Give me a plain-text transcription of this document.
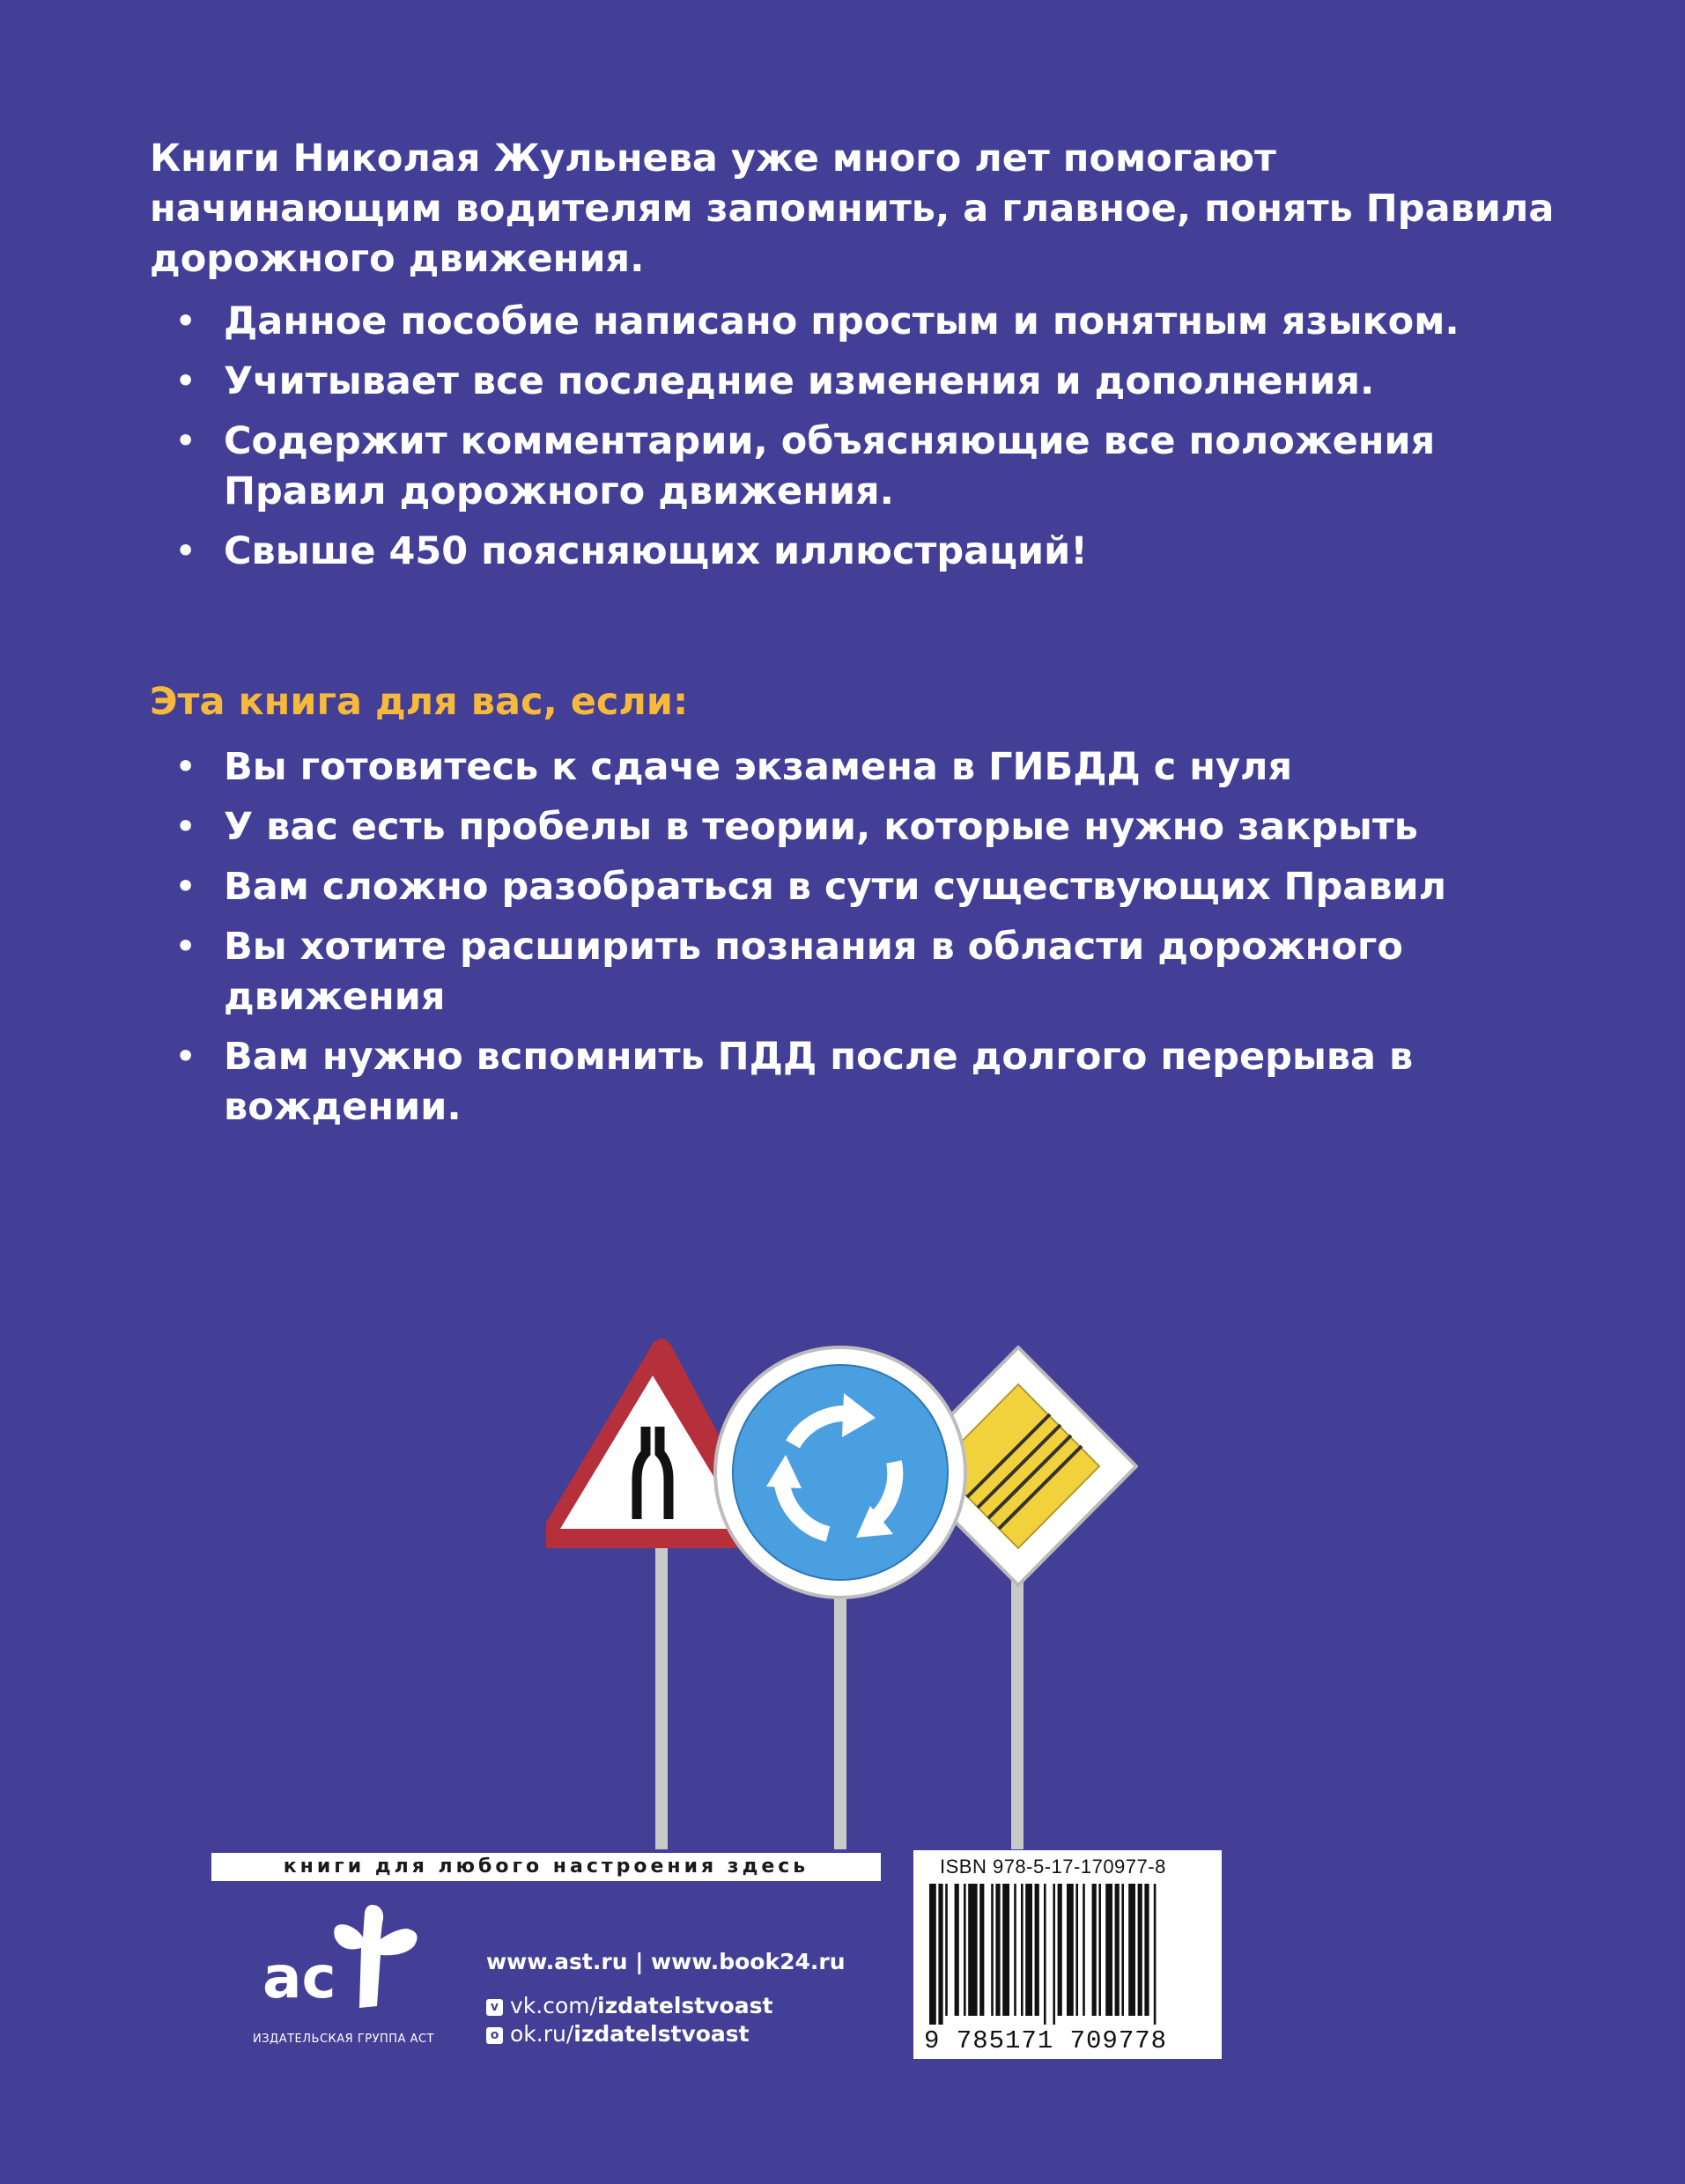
Книги Николая Жульнева уже много лет помогают начинающим водителям запомнить, а главное, понять Правила дорожного движения.

• Данное пособие написано простым и понятным языком.
• Учитывает все последние изменения и дополнения.
• Содержит комментарии, объясняющие все положения Правил дорожного движения.
• Свыше 450 поясняющих иллюстраций!
Эта книга для вас, если:
• Вы готовитесь к сдаче экзамена в ГИБДД с нуля
• У вас есть пробелы в теории, которые нужно закрыть
• Вам сложно разобраться в сути существующих Правил
• Вы хотите расширить познания в области дорожного движения
• Вам нужно вспомнить ПДД после долгого перерыва в вождении.
книги для любого настроения здесь
ac
ИЗДАТЕЛЬСКАЯ ГРУППА АСТ
www.ast.ru | www.book24.ru
v vk.com/izdatelstvoast
o ok.ru/izdatelstvoast
ISBN 978-5-17-170977-8
9 785171 709778
